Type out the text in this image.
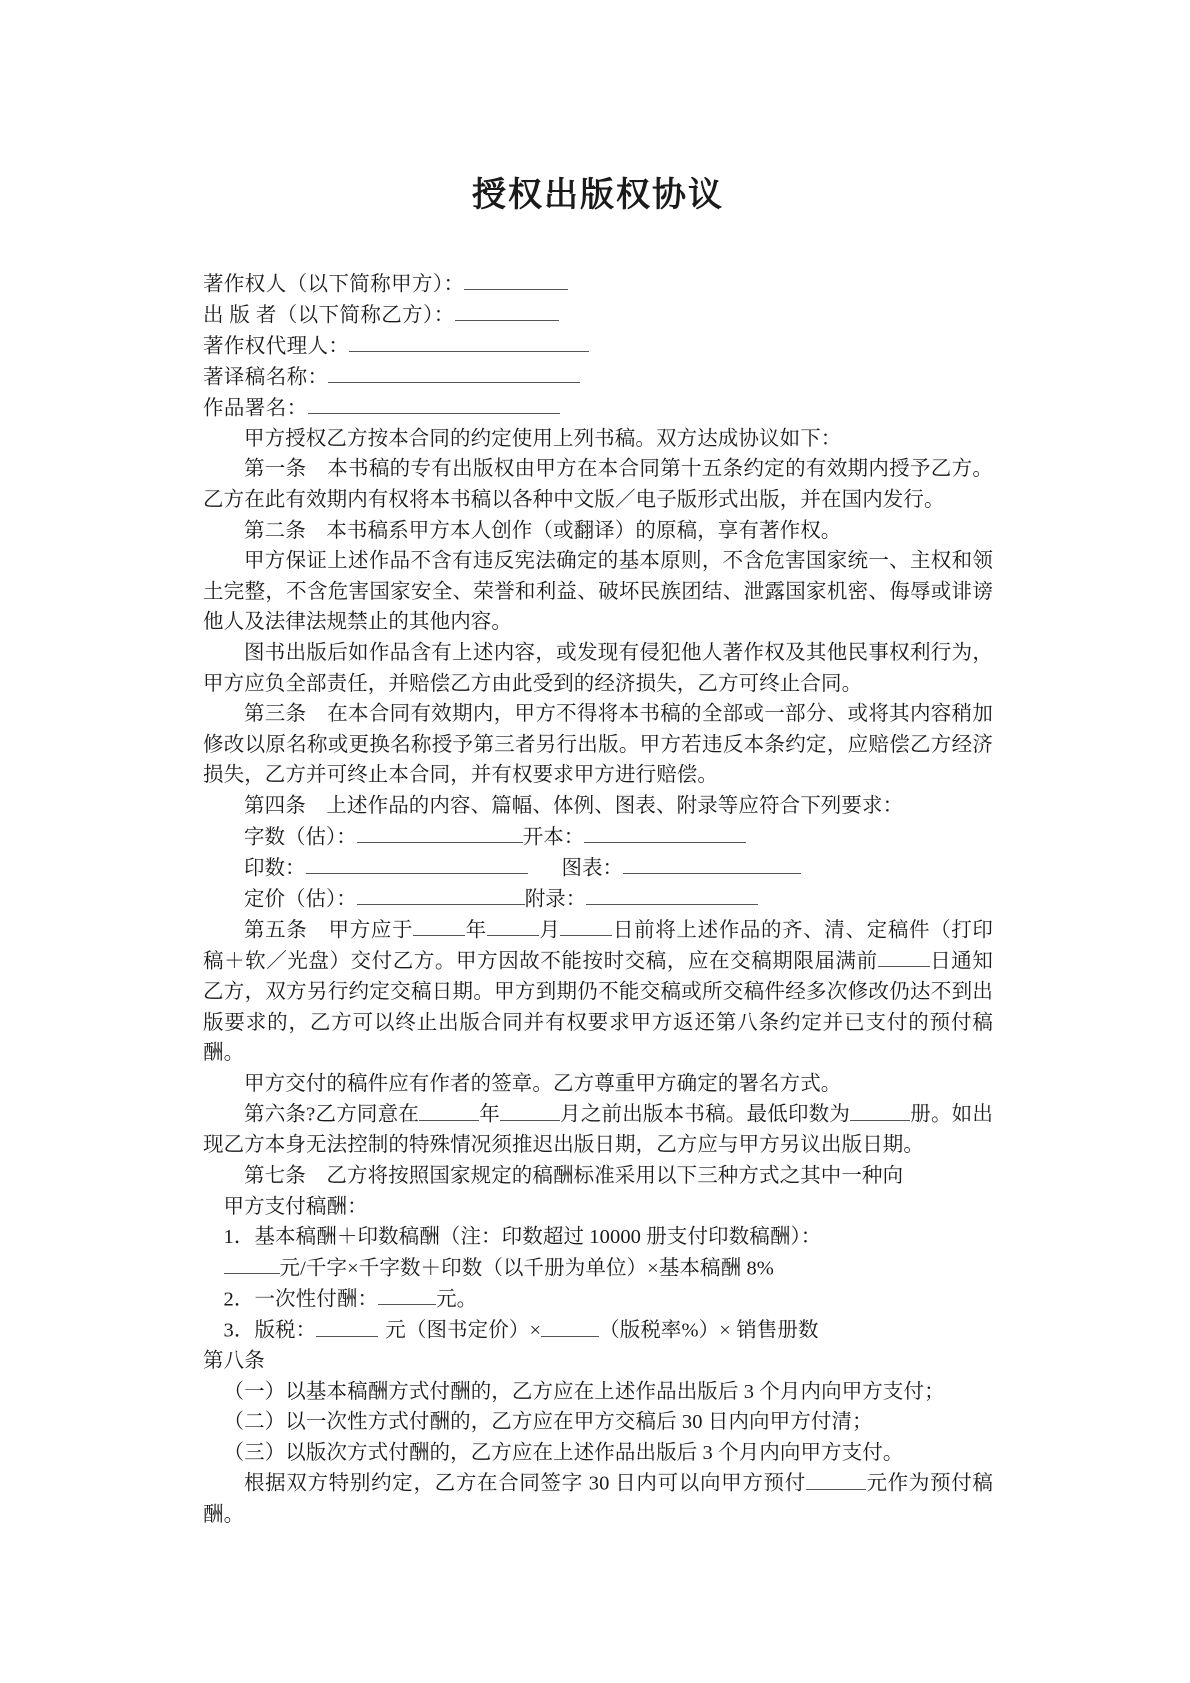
授权出版权协议
著作权人（以下简称甲方）：
出 版 者（以下简称乙方）：
著作权代理人：
著译稿名称：
作品署名：

甲方授权乙方按本合同的约定使用上列书稿。双方达成协议如下：

第一条　本书稿的专有出版权由甲方在本合同第十五条约定的有效期内授予乙方。乙方在此有效期内有权将本书稿以各种中文版／电子版形式出版，并在国内发行。

第二条　本书稿系甲方本人创作（或翻译）的原稿，享有著作权。

甲方保证上述作品不含有违反宪法确定的基本原则，不含危害国家统一、主权和领土完整，不含危害国家安全、荣誉和利益、破坏民族团结、泄露国家机密、侮辱或诽谤他人及法律法规禁止的其他内容。

图书出版后如作品含有上述内容，或发现有侵犯他人著作权及其他民事权利行为，甲方应负全部责任，并赔偿乙方由此受到的经济损失，乙方可终止合同。

第三条　在本合同有效期内，甲方不得将本书稿的全部或一部分、或将其内容稍加修改以原名称或更换名称授予第三者另行出版。甲方若违反本条约定，应赔偿乙方经济损失，乙方并可终止本合同，并有权要求甲方进行赔偿。

第四条　上述作品的内容、篇幅、体例、图表、附录等应符合下列要求：

字数（估）：	开本：
印数：	图表：
定价（估）：	附录：

第五条　甲方应于	年	月	日前将上述作品的齐、清、定稿件（打印稿＋软／光盘）交付乙方。甲方因故不能按时交稿，应在交稿期限届满前	日通知乙方，双方另行约定交稿日期。甲方到期仍不能交稿或所交稿件经多次修改仍达不到出版要求的，乙方可以终止出版合同并有权要求甲方返还第八条约定并已支付的预付稿酬。

甲方交付的稿件应有作者的签章。乙方尊重甲方确定的署名方式。

第六条?乙方同意在	年	月之前出版本书稿。最低印数为	册。如出现乙方本身无法控制的特殊情况须推迟出版日期，乙方应与甲方另议出版日期。

第七条　乙方将按照国家规定的稿酬标准采用以下三种方式之其中一种向

甲方支付稿酬：

1．基本稿酬＋印数稿酬（注：印数超过 10000 册支付印数稿酬）：

元/千字×千字数＋印数（以千册为单位）×基本稿酬 8%

2．一次性付酬：	元。

3．版税：	元（图书定价）×	（版税率%）× 销售册数

第八条

（一）以基本稿酬方式付酬的，乙方应在上述作品出版后 3 个月内向甲方支付；

（二）以一次性方式付酬的，乙方应在甲方交稿后 30 日内向甲方付清；

（三）以版次方式付酬的，乙方应在上述作品出版后 3 个月内向甲方支付。

根据双方特别约定，乙方在合同签字 30 日内可以向甲方预付	元作为预付稿酬。
